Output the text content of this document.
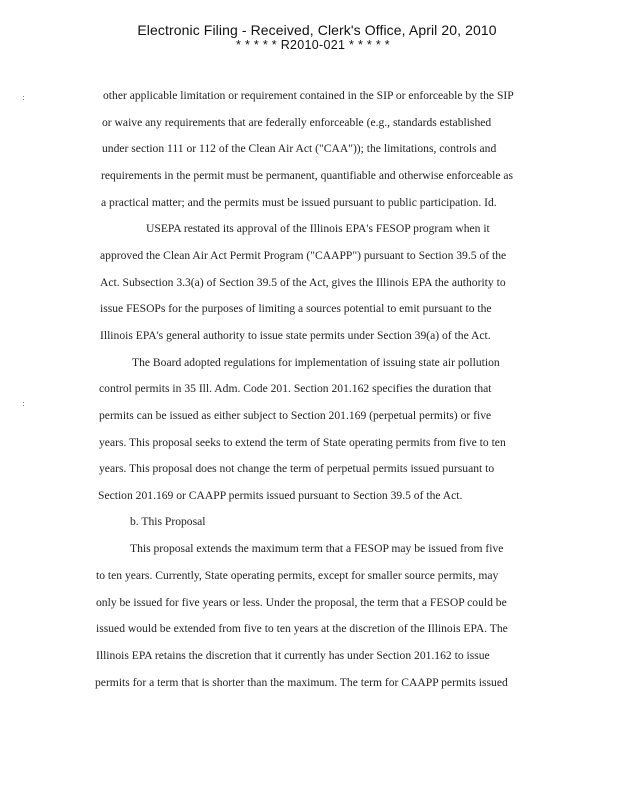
Electronic Filing - Received, Clerk's Office, April 20, 2010
* * * * * R2010-021 * * * * *
:
:
other applicable limitation or requirement contained in the SIP or enforceable by the SIP
or waive any requirements that are federally enforceable (e.g., standards established
under section 111 or 112 of the Clean Air Act ("CAA")); the limitations, controls and
requirements in the permit must be permanent, quantifiable and otherwise enforceable as
a practical matter; and the permits must be issued pursuant to public participation. Id.
USEPA restated its approval of the Illinois EPA's FESOP program when it
approved the Clean Air Act Permit Program ("CAAPP") pursuant to Section 39.5 of the
Act. Subsection 3.3(a) of Section 39.5 of the Act, gives the Illinois EPA the authority to
issue FESOPs for the purposes of limiting a sources potential to emit pursuant to the
Illinois EPA's general authority to issue state permits under Section 39(a) of the Act.
The Board adopted regulations for implementation of issuing state air pollution
control permits in 35 Ill. Adm. Code 201. Section 201.162 specifies the duration that
permits can be issued as either subject to Section 201.169 (perpetual permits) or five
years. This proposal seeks to extend the term of State operating permits from five to ten
years. This proposal does not change the term of perpetual permits issued pursuant to
Section 201.169 or CAAPP permits issued pursuant to Section 39.5 of the Act.
b. This Proposal
This proposal extends the maximum term that a FESOP may be issued from five
to ten years. Currently, State operating permits, except for smaller source permits, may
only be issued for five years or less. Under the proposal, the term that a FESOP could be
issued would be extended from five to ten years at the discretion of the Illinois EPA. The
Illinois EPA retains the discretion that it currently has under Section 201.162 to issue
permits for a term that is shorter than the maximum. The term for CAAPP permits issued
